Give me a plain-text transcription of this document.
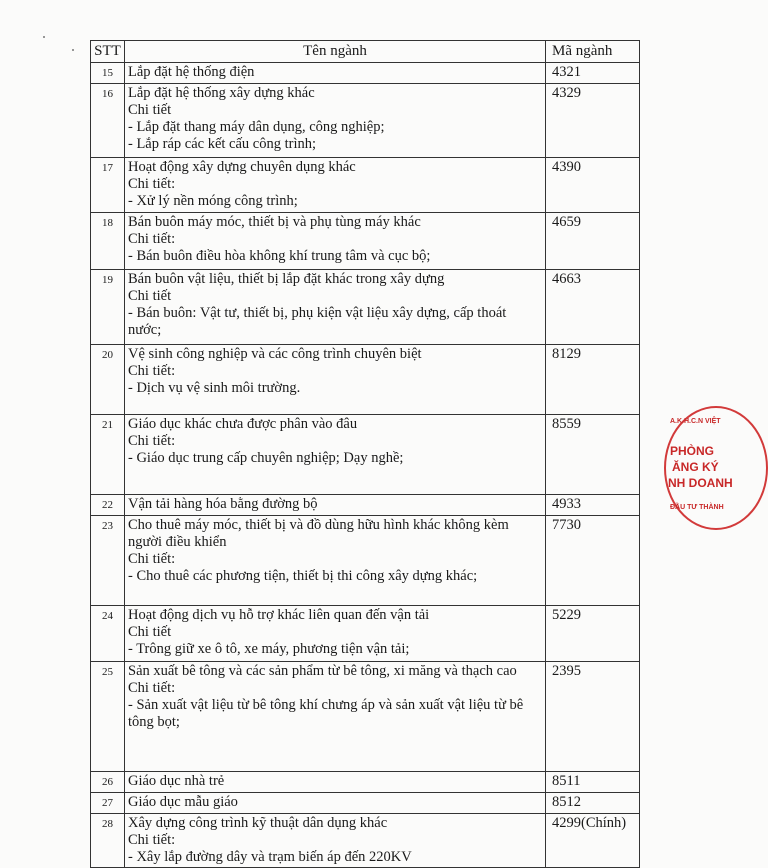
STT	Tên ngành	Mã ngành
15	Lắp đặt hệ thống điện	4321
16	Lắp đặt hệ thống xây dựng khác
Chi tiết
- Lắp đặt thang máy dân dụng, công nghiệp;
- Lắp ráp các kết cấu công trình;	4329
17	Hoạt động xây dựng chuyên dụng khác
Chi tiết:
- Xử lý nền móng công trình;	4390
18	Bán buôn máy móc, thiết bị và phụ tùng máy khác
Chi tiết:
- Bán buôn điều hòa không khí trung tâm và cục bộ;	4659
19	Bán buôn vật liệu, thiết bị lắp đặt khác trong xây dựng
Chi tiết
- Bán buôn: Vật tư, thiết bị, phụ kiện vật liệu xây dựng, cấp thoát nước;	4663
20	Vệ sinh công nghiệp và các công trình chuyên biệt
Chi tiết:
- Dịch vụ vệ sinh môi trường.	8129
21	Giáo dục khác chưa được phân vào đâu
Chi tiết:
- Giáo dục trung cấp chuyên nghiệp; Dạy nghề;	8559
22	Vận tải hàng hóa bằng đường bộ	4933
23	Cho thuê máy móc, thiết bị và đồ dùng hữu hình khác không kèm người điều khiển
Chi tiết:
- Cho thuê các phương tiện, thiết bị thi công xây dựng khác;	7730
24	Hoạt động dịch vụ hỗ trợ khác liên quan đến vận tải
Chi tiết
- Trông giữ xe ô tô, xe máy, phương tiện vận tải;	5229
25	Sản xuất bê tông và các sản phẩm từ bê tông, xi măng và thạch cao
Chi tiết:
- Sản xuất vật liệu từ bê tông khí chưng áp và sản xuất vật liệu từ bê tông bọt;	2395
26	Giáo dục nhà trẻ	8511
27	Giáo dục mẫu giáo	8512
28	Xây dựng công trình kỹ thuật dân dụng khác
Chi tiết:
- Xây lắp đường dây và trạm biến áp đến 220KV	4299(Chính)
A.K.H.C.N VIỆT
PHÒNG
ĂNG KÝ
NH DOANH
ĐẦU TƯ THÀNH
